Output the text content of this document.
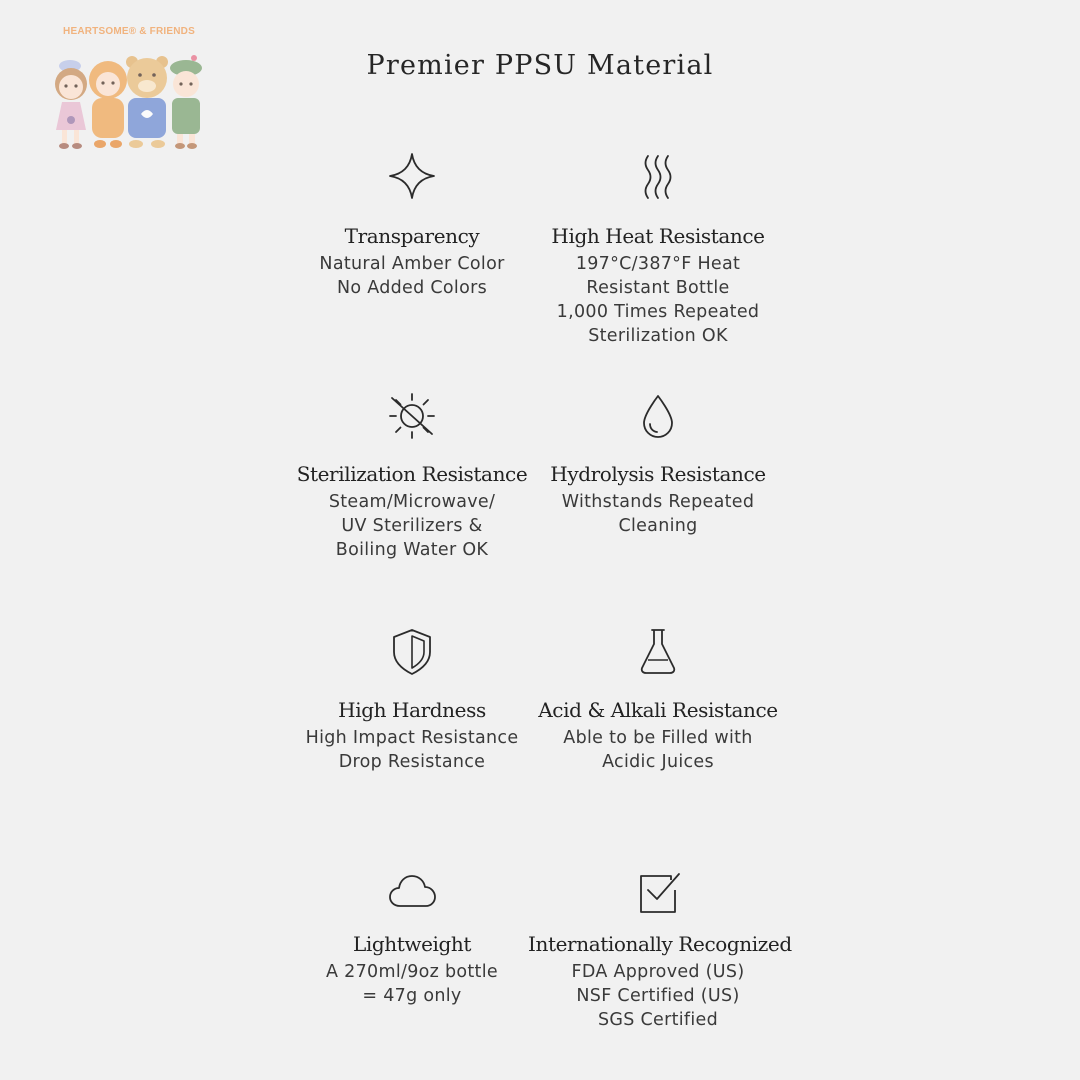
HEARTSOME® & FRIENDS
Premier PPSU Material
Transparency
Natural Amber Color
No Added Colors
High Heat Resistance
197°C/387°F Heat
Resistant Bottle
1,000 Times Repeated
Sterilization OK
Sterilization Resistance
Steam/Microwave/
UV Sterilizers &
Boiling Water OK
Hydrolysis Resistance
Withstands Repeated
Cleaning
High Hardness
High Impact Resistance
Drop Resistance
Acid & Alkali Resistance
Able to be Filled with
Acidic Juices
Lightweight
A 270ml/9oz bottle
= 47g only
Internationally Recognized
FDA Approved (US)
NSF Certified (US)
SGS Certified
